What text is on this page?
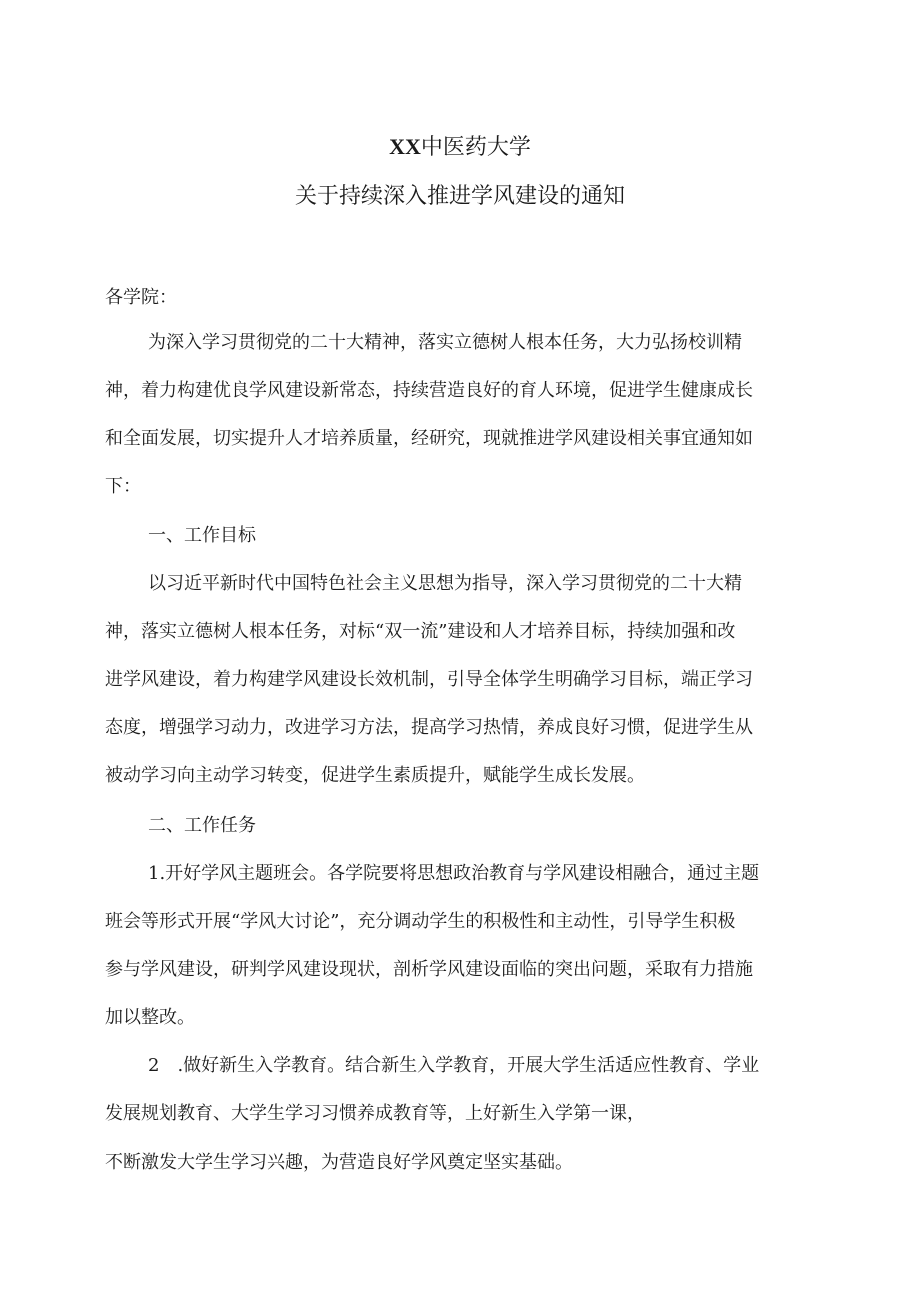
XX中医药大学
关于持续深入推进学风建设的通知
各学院：
为深入学习贯彻党的二十大精神，落实立德树人根本任务，大力弘扬校训精
神，着力构建优良学风建设新常态，持续营造良好的育人环境，促进学生健康成长
和全面发展，切实提升人才培养质量，经研究，现就推进学风建设相关事宜通知如
下：
一、工作目标
以习近平新时代中国特色社会主义思想为指导，深入学习贯彻党的二十大精
神，落实立德树人根本任务，对标“双一流”建设和人才培养目标，持续加强和改
进学风建设，着力构建学风建设长效机制，引导全体学生明确学习目标，端正学习
态度，增强学习动力，改进学习方法，提高学习热情，养成良好习惯，促进学生从
被动学习向主动学习转变，促进学生素质提升，赋能学生成长发展。
二、工作任务
1.开好学风主题班会。各学院要将思想政治教育与学风建设相融合，通过主题
班会等形式开展“学风大讨论”，充分调动学生的积极性和主动性，引导学生积极
参与学风建设，研判学风建设现状，剖析学风建设面临的突出问题，采取有力措施
加以整改。
2　.做好新生入学教育。结合新生入学教育，开展大学生活适应性教育、学业
发展规划教育、大学生学习习惯养成教育等，上好新生入学第一课，
不断激发大学生学习兴趣，为营造良好学风奠定坚实基础。
